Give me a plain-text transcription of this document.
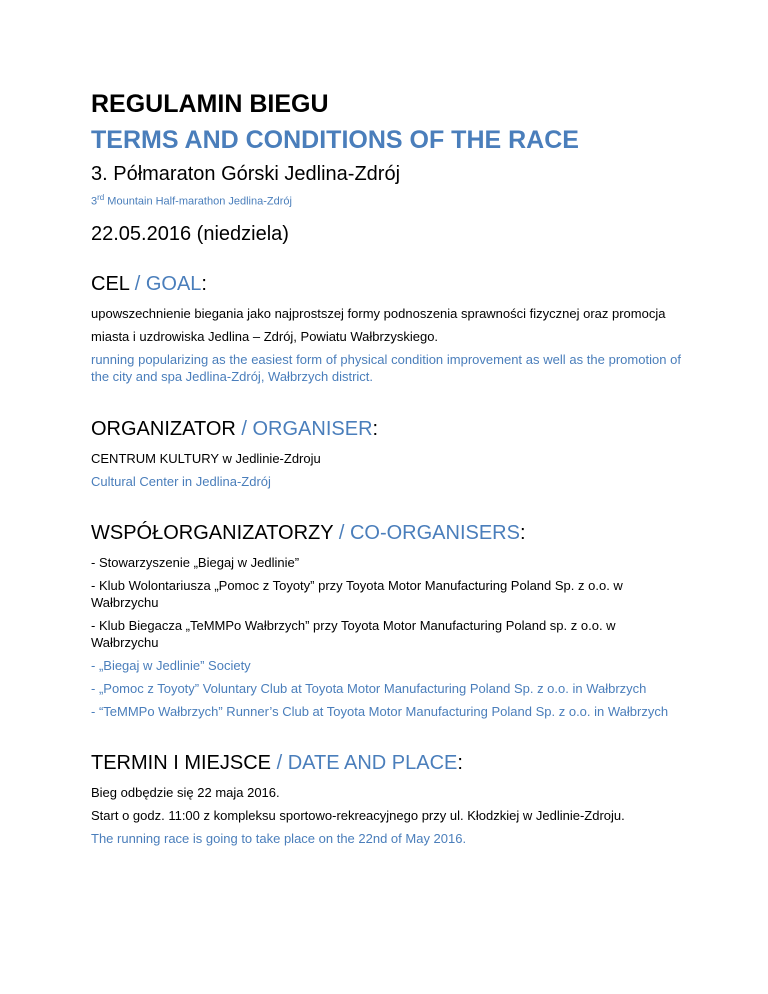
REGULAMIN BIEGU
TERMS AND CONDITIONS OF THE RACE
3. Półmaraton Górski Jedlina-Zdrój
3rd Mountain Half-marathon Jedlina-Zdrój
22.05.2016 (niedziela)
CEL / GOAL:

upowszechnienie biegania jako najprostszej formy podnoszenia sprawności fizycznej oraz promocja

miasta i uzdrowiska Jedlina – Zdrój, Powiatu Wałbrzyskiego.

running popularizing as the easiest form of physical condition improvement as well as the promotion of the city and spa Jedlina-Zdrój, Wałbrzych district.

ORGANIZATOR / ORGANISER:

CENTRUM KULTURY w Jedlinie-Zdroju

Cultural Center in Jedlina-Zdrój

WSPÓŁORGANIZATORZY / CO-ORGANISERS:

- Stowarzyszenie „Biegaj w Jedlinie”

- Klub Wolontariusza „Pomoc z Toyoty” przy Toyota Motor Manufacturing Poland Sp. z o.o. w Wałbrzychu

- Klub Biegacza „TeMMPo Wałbrzych” przy Toyota Motor Manufacturing Poland sp. z o.o. w Wałbrzychu

- „Biegaj w Jedlinie” Society

- „Pomoc z Toyoty” Voluntary Club at Toyota Motor Manufacturing Poland Sp. z o.o. in Wałbrzych

- “TeMMPo Wałbrzych” Runner’s Club at Toyota Motor Manufacturing Poland Sp. z o.o. in Wałbrzych

TERMIN I MIEJSCE / DATE AND PLACE:

Bieg odbędzie się 22 maja 2016.

Start o godz. 11:00 z kompleksu sportowo-rekreacyjnego przy ul. Kłodzkiej w Jedlinie-Zdroju.

The running race is going to take place on the 22nd of May 2016.
